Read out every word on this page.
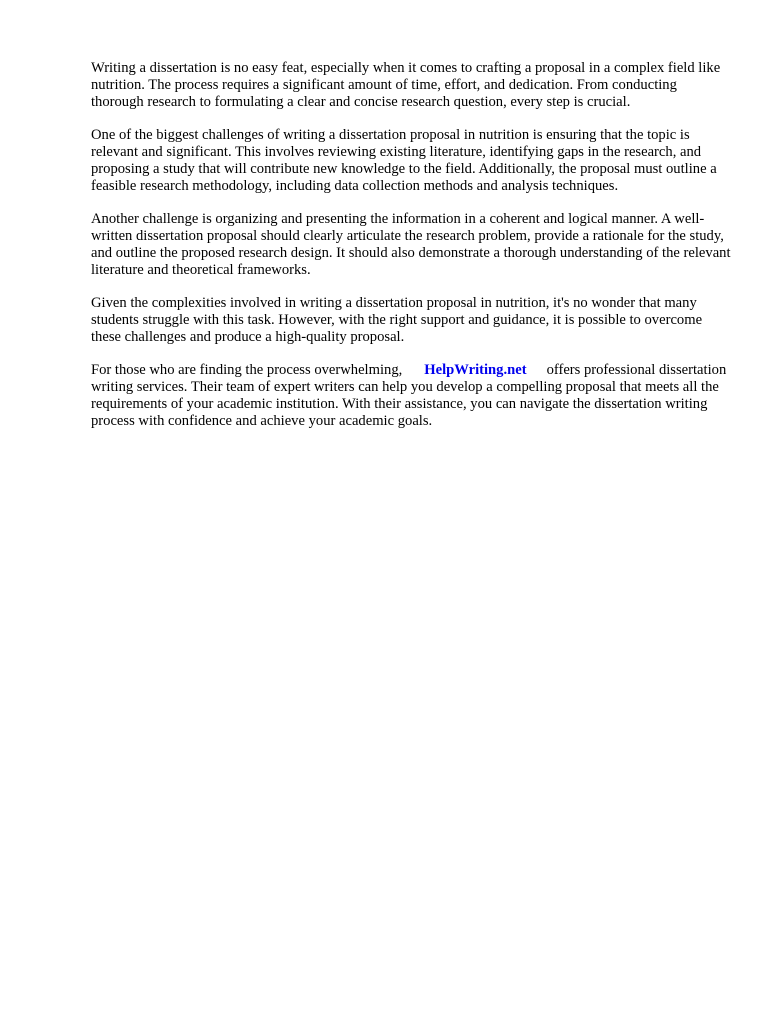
Writing a dissertation is no easy feat, especially when it comes to crafting a proposal in a complex field like nutrition. The process requires a significant amount of time, effort, and dedication. From conducting thorough research to formulating a clear and concise research question, every step is crucial.

One of the biggest challenges of writing a dissertation proposal in nutrition is ensuring that the topic is relevant and significant. This involves reviewing existing literature, identifying gaps in the research, and proposing a study that will contribute new knowledge to the field. Additionally, the proposal must outline a feasible research methodology, including data collection methods and analysis techniques.

Another challenge is organizing and presenting the information in a coherent and logical manner. A well-written dissertation proposal should clearly articulate the research problem, provide a rationale for the study, and outline the proposed research design. It should also demonstrate a thorough understanding of the relevant literature and theoretical frameworks.

Given the complexities involved in writing a dissertation proposal in nutrition, it's no wonder that many students struggle with this task. However, with the right support and guidance, it is possible to overcome these challenges and produce a high-quality proposal.

For those who are finding the process overwhelming, HelpWriting.net offers professional dissertation writing services. Their team of expert writers can help you develop a compelling proposal that meets all the requirements of your academic institution. With their assistance, you can navigate the dissertation writing process with confidence and achieve your academic goals.
